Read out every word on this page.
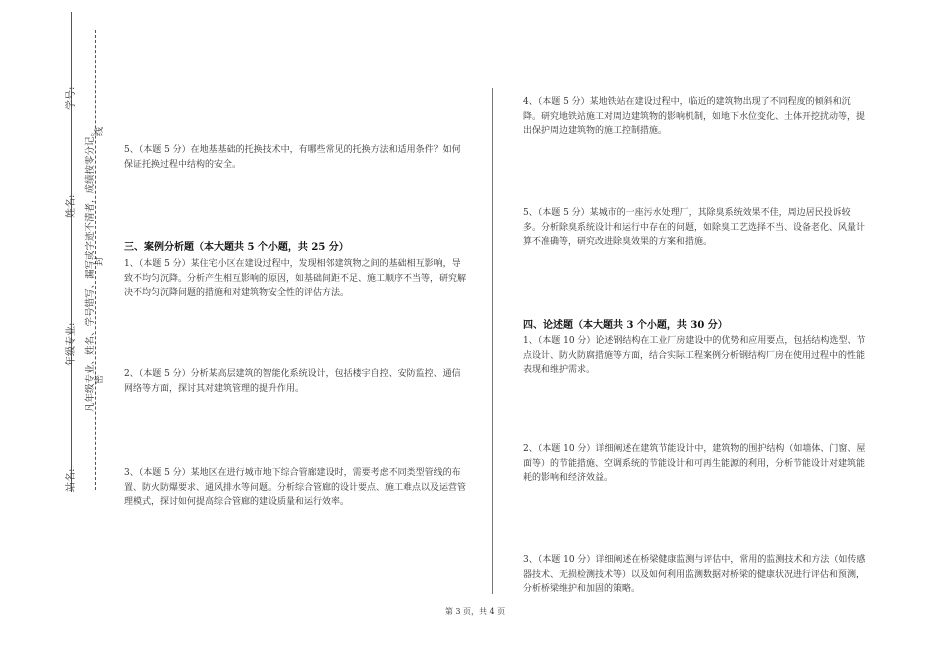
学号:
姓名:
年级专业:
站名:
凡年级专业、姓名、学号错写、漏写或字迹不清者，成绩按零分记。 线
封
密

5、（本题 5 分）在地基基础的托换技术中，有哪些常见的托换方法和适用条件？如何保证托换过程中结构的安全。

三、案例分析题（本大题共 5 个小题，共 25 分）

1、（本题 5 分）某住宅小区在建设过程中，发现相邻建筑物之间的基础相互影响，导致不均匀沉降。分析产生相互影响的原因，如基础间距不足、施工顺序不当等，研究解决不均匀沉降问题的措施和对建筑物安全性的评估方法。

2、（本题 5 分）分析某高层建筑的智能化系统设计，包括楼宇自控、安防监控、通信网络等方面，探讨其对建筑管理的提升作用。

3、（本题 5 分）某地区在进行城市地下综合管廊建设时，需要考虑不同类型管线的布置、防火防爆要求、通风排水等问题。分析综合管廊的设计要点、施工难点以及运营管理模式，探讨如何提高综合管廊的建设质量和运行效率。

4、（本题 5 分）某地铁站在建设过程中，临近的建筑物出现了不同程度的倾斜和沉降。研究地铁站施工对周边建筑物的影响机制，如地下水位变化、土体开挖扰动等，提出保护周边建筑物的施工控制措施。

5、（本题 5 分）某城市的一座污水处理厂，其除臭系统效果不佳，周边居民投诉较多。分析除臭系统设计和运行中存在的问题，如除臭工艺选择不当、设备老化、风量计算不准确等，研究改进除臭效果的方案和措施。

四、论述题（本大题共 3 个小题，共 30 分）

1、（本题 10 分）论述钢结构在工业厂房建设中的优势和应用要点，包括结构选型、节点设计、防火防腐措施等方面，结合实际工程案例分析钢结构厂房在使用过程中的性能表现和维护需求。

2、（本题 10 分）详细阐述在建筑节能设计中，建筑物的围护结构（如墙体、门窗、屋面等）的节能措施、空调系统的节能设计和可再生能源的利用，分析节能设计对建筑能耗的影响和经济效益。

3、（本题 10 分）详细阐述在桥梁健康监测与评估中，常用的监测技术和方法（如传感器技术、无损检测技术等）以及如何利用监测数据对桥梁的健康状况进行评估和预测，分析桥梁维护和加固的策略。

第 3 页，共 4 页
